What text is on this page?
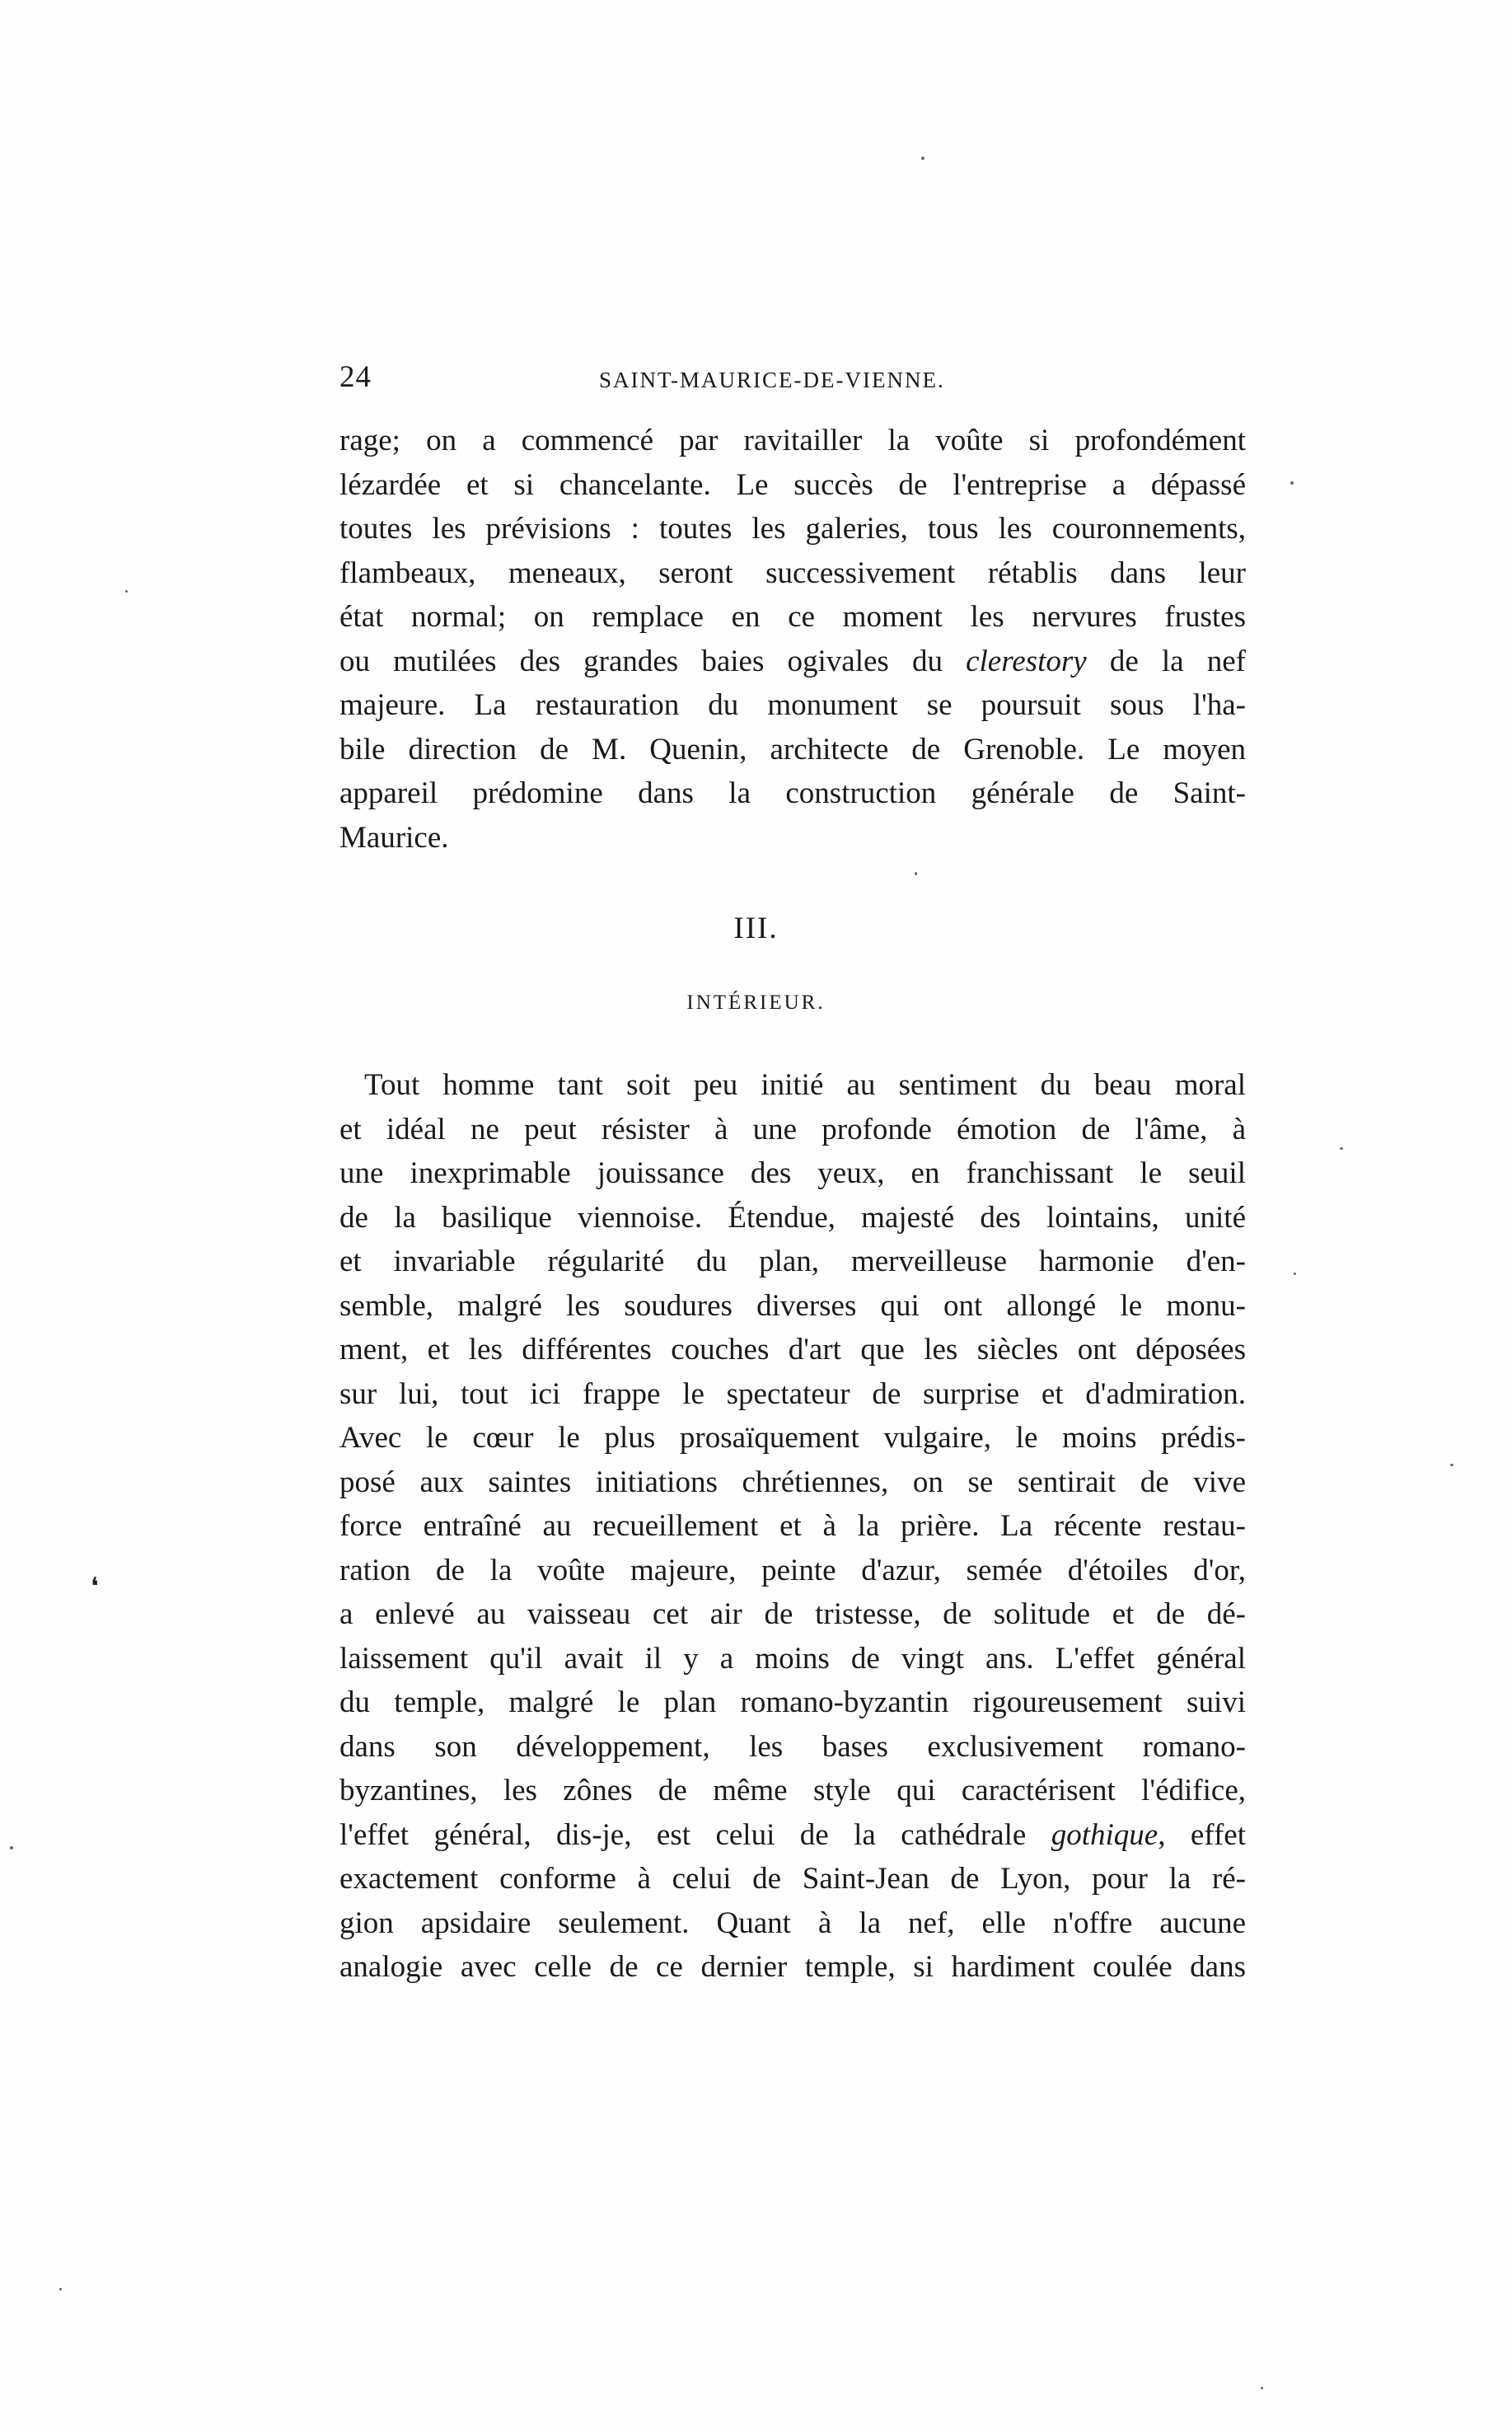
24	SAINT-MAURICE-DE-VIENNE.
rage; on a commencé par ravitailler la voûte si profondément
lézardée et si chancelante. Le succès de l'entreprise a dépassé
toutes les prévisions : toutes les galeries, tous les couronnements,
flambeaux, meneaux, seront successivement rétablis dans leur
état normal; on remplace en ce moment les nervures frustes
ou mutilées des grandes baies ogivales du clerestory de la nef
majeure. La restauration du monument se poursuit sous l'ha-
bile direction de M. Quenin, architecte de Grenoble. Le moyen
appareil prédomine dans la construction générale de Saint-
Maurice.
III.
INTÉRIEUR.
Tout homme tant soit peu initié au sentiment du beau moral
et idéal ne peut résister à une profonde émotion de l'âme, à
une inexprimable jouissance des yeux, en franchissant le seuil
de la basilique viennoise. Étendue, majesté des lointains, unité
et invariable régularité du plan, merveilleuse harmonie d'en-
semble, malgré les soudures diverses qui ont allongé le monu-
ment, et les différentes couches d'art que les siècles ont déposées
sur lui, tout ici frappe le spectateur de surprise et d'admiration.
Avec le cœur le plus prosaïquement vulgaire, le moins prédis-
posé aux saintes initiations chrétiennes, on se sentirait de vive
force entraîné au recueillement et à la prière. La récente restau-
ration de la voûte majeure, peinte d'azur, semée d'étoiles d'or,
a enlevé au vaisseau cet air de tristesse, de solitude et de dé-
laissement qu'il avait il y a moins de vingt ans. L'effet général
du temple, malgré le plan romano-byzantin rigoureusement suivi
dans son développement, les bases exclusivement romano-
byzantines, les zônes de même style qui caractérisent l'édifice,
l'effet général, dis-je, est celui de la cathédrale gothique, effet
exactement conforme à celui de Saint-Jean de Lyon, pour la ré-
gion apsidaire seulement. Quant à la nef, elle n'offre aucune
analogie avec celle de ce dernier temple, si hardiment coulée dans
❛
